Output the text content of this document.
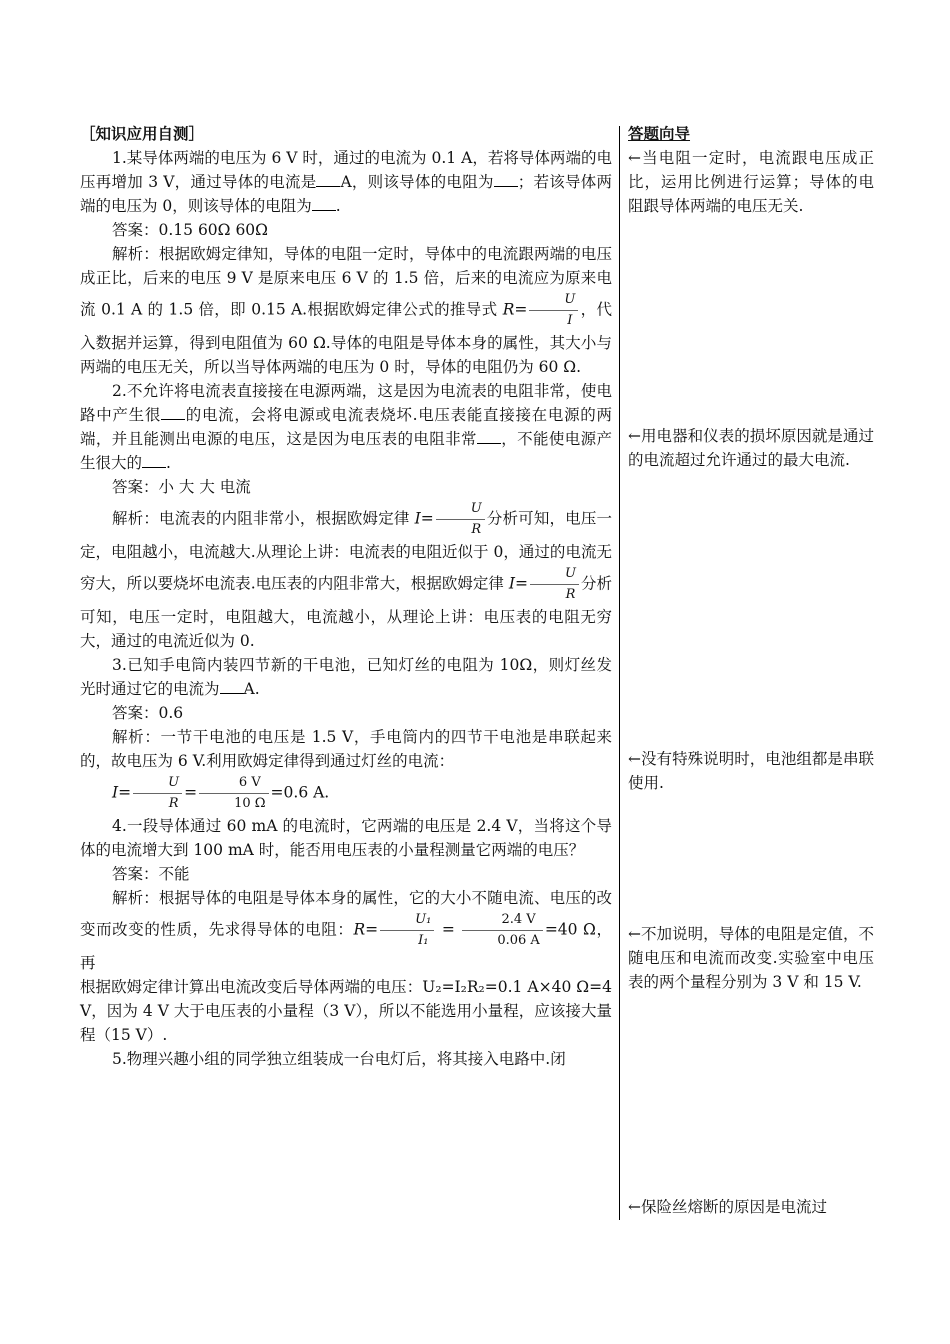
［知识应用自测］

1.某导体两端的电压为 6 V 时，通过的电流为 0.1 A，若将导体两端的电压再增加 3 V，通过导体的电流是 A，则该导体的电阻为 ；若该导体两端的电压为 0，则该导体的电阻为 .

答案：0.15 60Ω 60Ω

解析：根据欧姆定律知，导体的电阻一定时，导体中的电流跟两端的电压成正比，后来的电压 9 V 是原来电压 6 V 的 1.5 倍，后来的电流应为原来电流 0.1 A 的 1.5 倍，即 0.15 A.根据欧姆定律公式的推导式 $R= \frac{U}{I}$ ，代入数据并运算，得到电阻值为 60 Ω.导体的电阻是导体本身的属性，其大小与两端的电压无关，所以当导体两端的电压为 0 时，导体的电阻仍为 60 Ω.

2.不允许将电流表直接接在电源两端，这是因为电流表的电阻非常，使电路中产生很 的电流，会将电源或电流表烧坏.电压表能直接接在电源的两端，并且能测出电源的电压，这是因为电压表的电阻非常 ，不能使电源产生很大的 .

答案：小 大 大 电流

解析：电流表的内阻非常小，根据欧姆定律 $I= \frac{U}{R}$ 分析可知，电压一定，电阻越小，电流越大.从理论上讲：电流表的电阻近似于 0，通过的电流无穷大，所以要烧坏电流表.电压表的内阻非常大，根据欧姆定律 $I= \frac{U}{R}$ 分析可知，电压一定时，电阻越大，电流越小，从理论上讲：电压表的电阻无穷大，通过的电流近似为 0.

3.已知手电筒内装四节新的干电池，已知灯丝的电阻为 10Ω，则灯丝发光时通过它的电流为 A.

答案：0.6

解析：一节干电池的电压是 1.5 V，手电筒内的四节干电池是串联起来的，故电压为 6 V.利用欧姆定律得到通过灯丝的电流：

$I= \frac{U}{R} = \frac{6 V}{10 \Omega} =0.6$ A.

4.一段导体通过 60 mA 的电流时，它两端的电压是 2.4 V，当将这个导体的电流增大到 100 mA 时，能否用电压表的小量程测量它两端的电压？

答案：不能

解析：根据导体的电阻是导体本身的属性，它的大小不随电流、电压的改变而改变的性质，先求得导体的电阻：$R= \frac{\text{U₁}}{\text{I₁}} = \frac{2.4 V}{0.06 A} =40$ Ω，再

根据欧姆定律计算出电流改变后导体两端的电压：U₂=I₂R₂=0.1 A×40 Ω=4 V，因为 4 V 大于电压表的小量程（3 V），所以不能选用小量程，应该接大量程（15 V）.

5.物理兴趣小组的同学独立组装成一台电灯后，将其接入电路中.闭

答题向导

←当电阻一定时，电流跟电压成正比，运用比例进行运算；导体的电阻跟导体两端的电压无关.

←用电器和仪表的损坏原因就是通过的电流超过允许通过的最大电流.

←没有特殊说明时，电池组都是串联使用.

←不加说明，导体的电阻是定值，不随电压和电流而改变.实验室中电压表的两个量程分别为 3 V 和 15 V.

←保险丝熔断的原因是电流过
